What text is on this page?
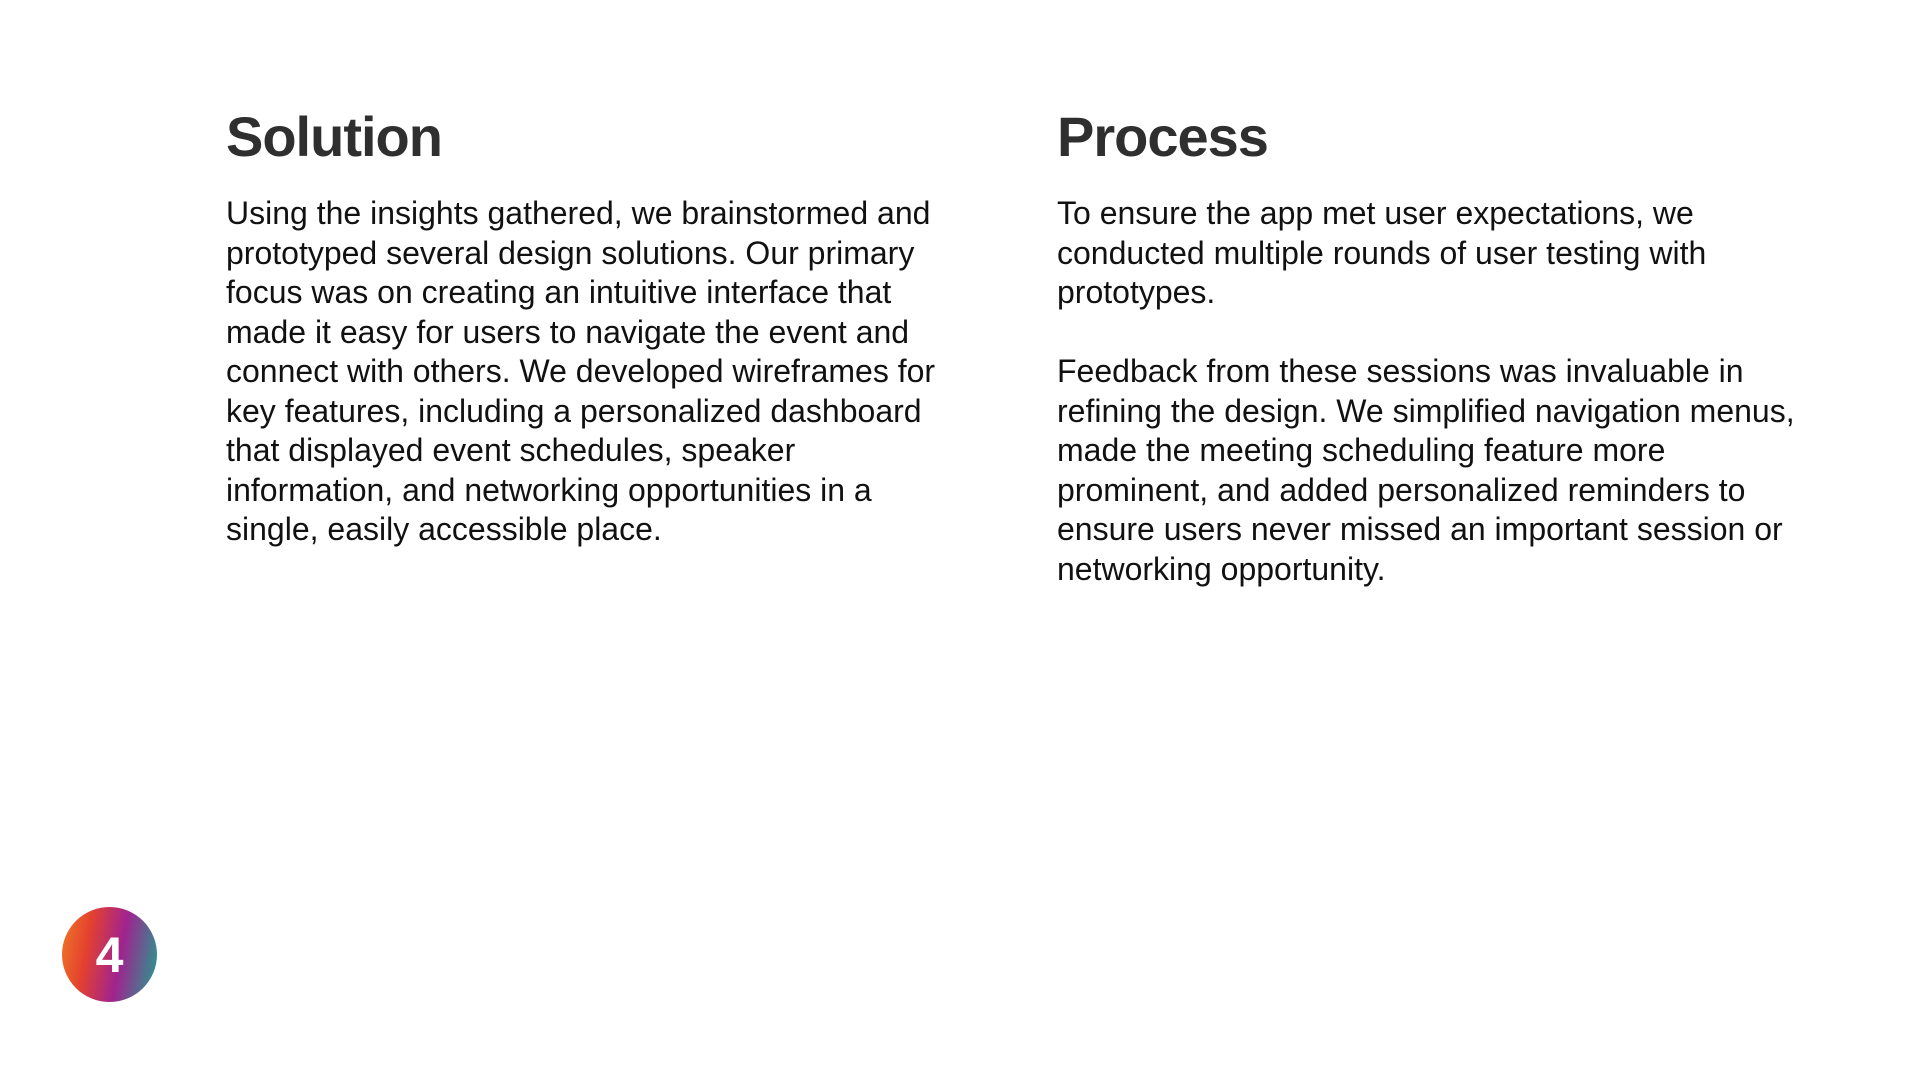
Solution

Using the insights gathered, we brainstormed and prototyped several design solutions. Our primary focus was on creating an intuitive interface that made it easy for users to navigate the event and connect with others. We developed wireframes for key features, including a personalized dashboard that displayed event schedules, speaker information, and networking opportunities in a single, easily accessible place.

Process

To ensure the app met user expectations, we conducted multiple rounds of user testing with prototypes.

Feedback from these sessions was invaluable in refining the design. We simplified navigation menus, made the meeting scheduling feature more prominent, and added personalized reminders to ensure users never missed an important session or networking opportunity.

4
